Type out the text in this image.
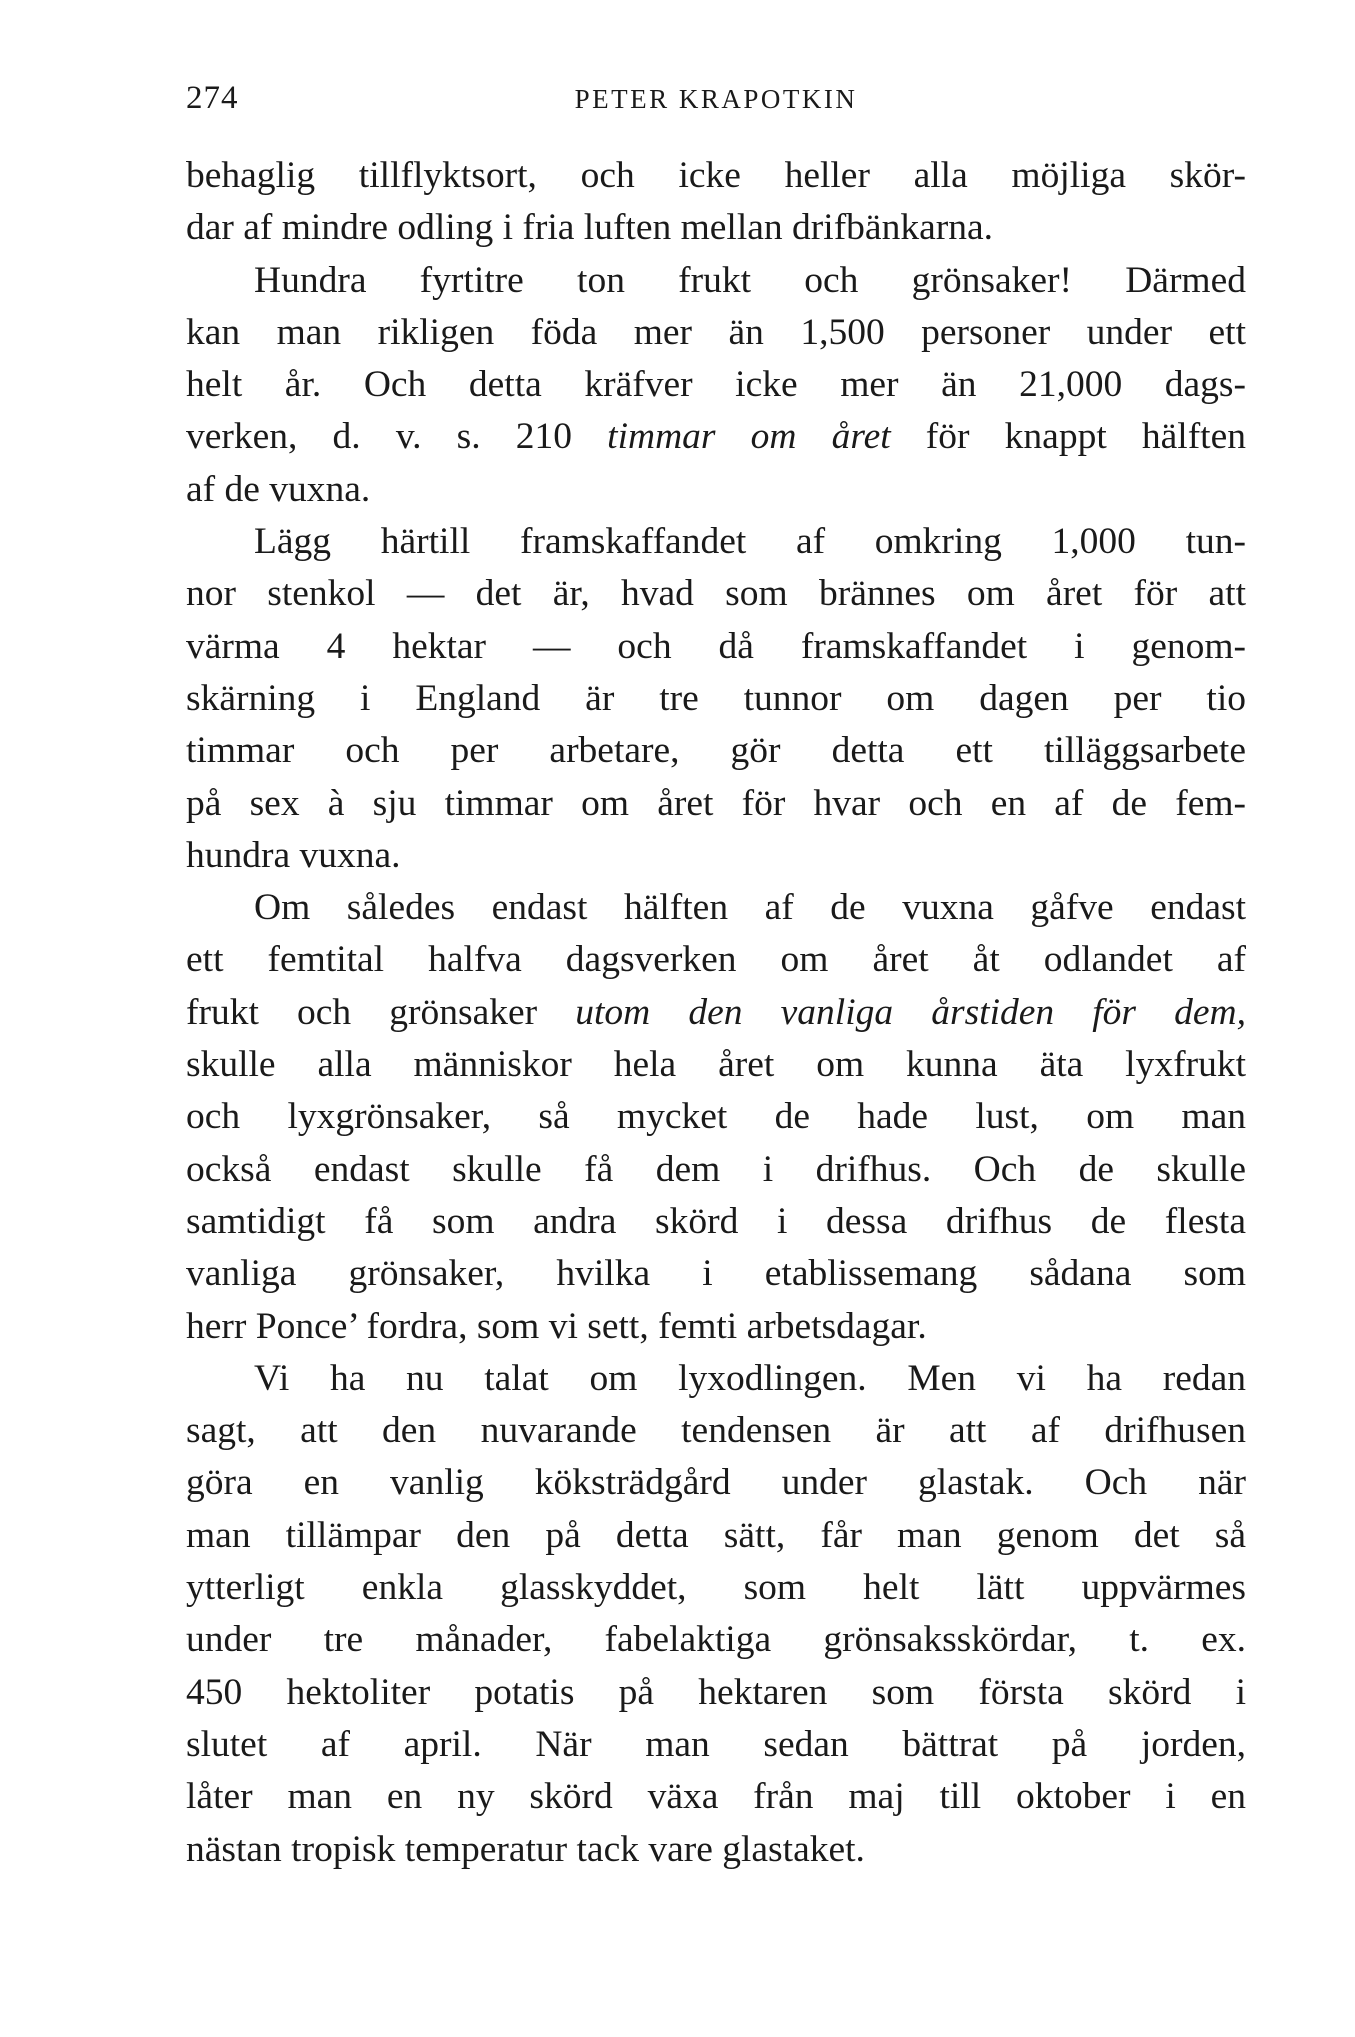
274	PETER KRAPOTKIN
behaglig tillflyktsort, och icke heller alla möjliga skör-
dar af mindre odling i fria luften mellan drifbänkarna.
Hundra fyrtitre ton frukt och grönsaker! Därmed
kan man rikligen föda mer än 1,500 personer under ett
helt år. Och detta kräfver icke mer än 21,000 dags-
verken, d. v. s. 210 timmar om året för knappt hälften
af de vuxna.
Lägg härtill framskaffandet af omkring 1,000 tun-
nor stenkol — det är, hvad som brännes om året för att
värma 4 hektar — och då framskaffandet i genom-
skärning i England är tre tunnor om dagen per tio
timmar och per arbetare, gör detta ett tilläggsarbete
på sex à sju timmar om året för hvar och en af de fem-
hundra vuxna.
Om således endast hälften af de vuxna gåfve endast
ett femtital halfva dagsverken om året åt odlandet af
frukt och grönsaker utom den vanliga årstiden för dem,
skulle alla människor hela året om kunna äta lyxfrukt
och lyxgrönsaker, så mycket de hade lust, om man
också endast skulle få dem i drifhus. Och de skulle
samtidigt få som andra skörd i dessa drifhus de flesta
vanliga grönsaker, hvilka i etablissemang sådana som
herr Ponce’ fordra, som vi sett, femti arbetsdagar.
Vi ha nu talat om lyxodlingen. Men vi ha redan
sagt, att den nuvarande tendensen är att af drifhusen
göra en vanlig köksträdgård under glastak. Och när
man tillämpar den på detta sätt, får man genom det så
ytterligt enkla glasskyddet, som helt lätt uppvärmes
under tre månader, fabelaktiga grönsaksskördar, t. ex.
450 hektoliter potatis på hektaren som första skörd i
slutet af april. När man sedan bättrat på jorden,
låter man en ny skörd växa från maj till oktober i en
nästan tropisk temperatur tack vare glastaket.
